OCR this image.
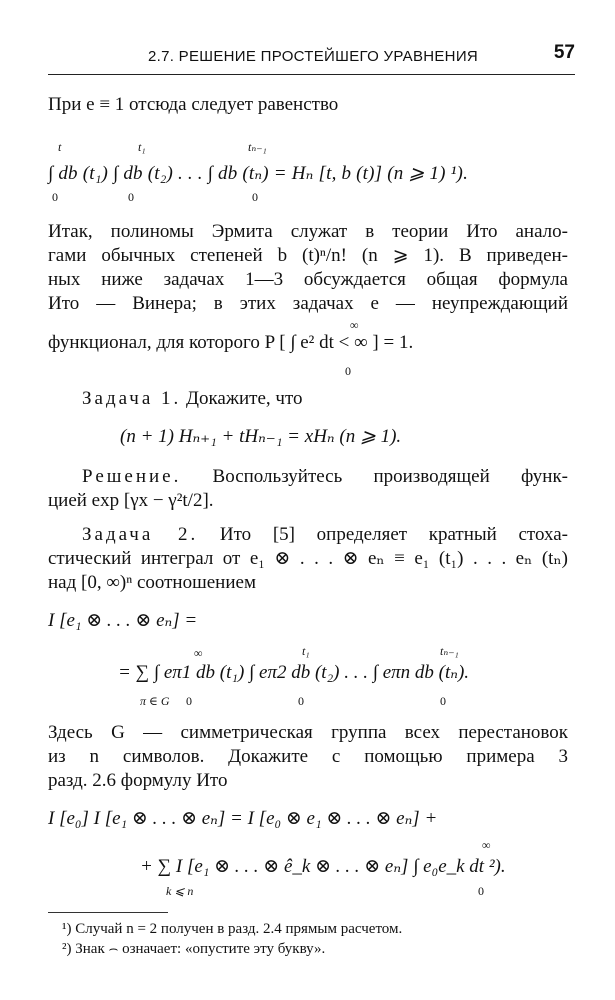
2.7. РЕШЕНИЕ ПРОСТЕЙШЕГО УРАВНЕНИЯ	57
При e ≡ 1 отсюда следует равенство
t	t₁	tₙ₋₁
∫ db (t₁) ∫ db (t₂) . . . ∫ db (tₙ) = Hₙ [t, b (t)] (n ⩾ 1) ¹).
0	0	0
Итак, полиномы Эрмита служат в теории Ито анало-
гами обычных степеней b (t)ⁿ/n! (n ⩾ 1). В приведен-
ных ниже задачах 1—3 обсуждается общая формула
Ито — Винера; в этих задачах e — неупреждающий
∞
функционал, для которого P [ ∫ e² dt < ∞ ] = 1.
0
Задача 1. Докажите, что
(n + 1) Hₙ₊₁ + tHₙ₋₁ = xHₙ (n ⩾ 1).
Решение. Воспользуйтесь производящей функ-
цией exp [γx − γ²t/2].
Задача 2. Ито [5] определяет кратный стоха-
стический интеграл от e₁ ⊗ . . . ⊗ eₙ ≡ e₁ (t₁) . . . eₙ (tₙ)
над [0, ∞)ⁿ соотношением
I [e₁ ⊗ . . . ⊗ eₙ] =
∞	t₁	tₙ₋₁
= ∑ ∫ eπ1 db (t₁) ∫ eπ2 db (t₂) . . . ∫ eπn db (tₙ).
π ∈ G 0	0	0
Здесь G — симметрическая группа всех перестановок
из n символов. Докажите с помощью примера 3
разд. 2.6 формулу Ито
I [e₀] I [e₁ ⊗ . . . ⊗ eₙ] = I [e₀ ⊗ e₁ ⊗ . . . ⊗ eₙ] +
∞
+ ∑ I [e₁ ⊗ . . . ⊗ ê_k ⊗ . . . ⊗ eₙ] ∫ e₀e_k dt ²).
k ⩽ n	0
¹) Случай n = 2 получен в разд. 2.4 прямым расчетом.
²) Знак ⌢ означает: «опустите эту букву».
